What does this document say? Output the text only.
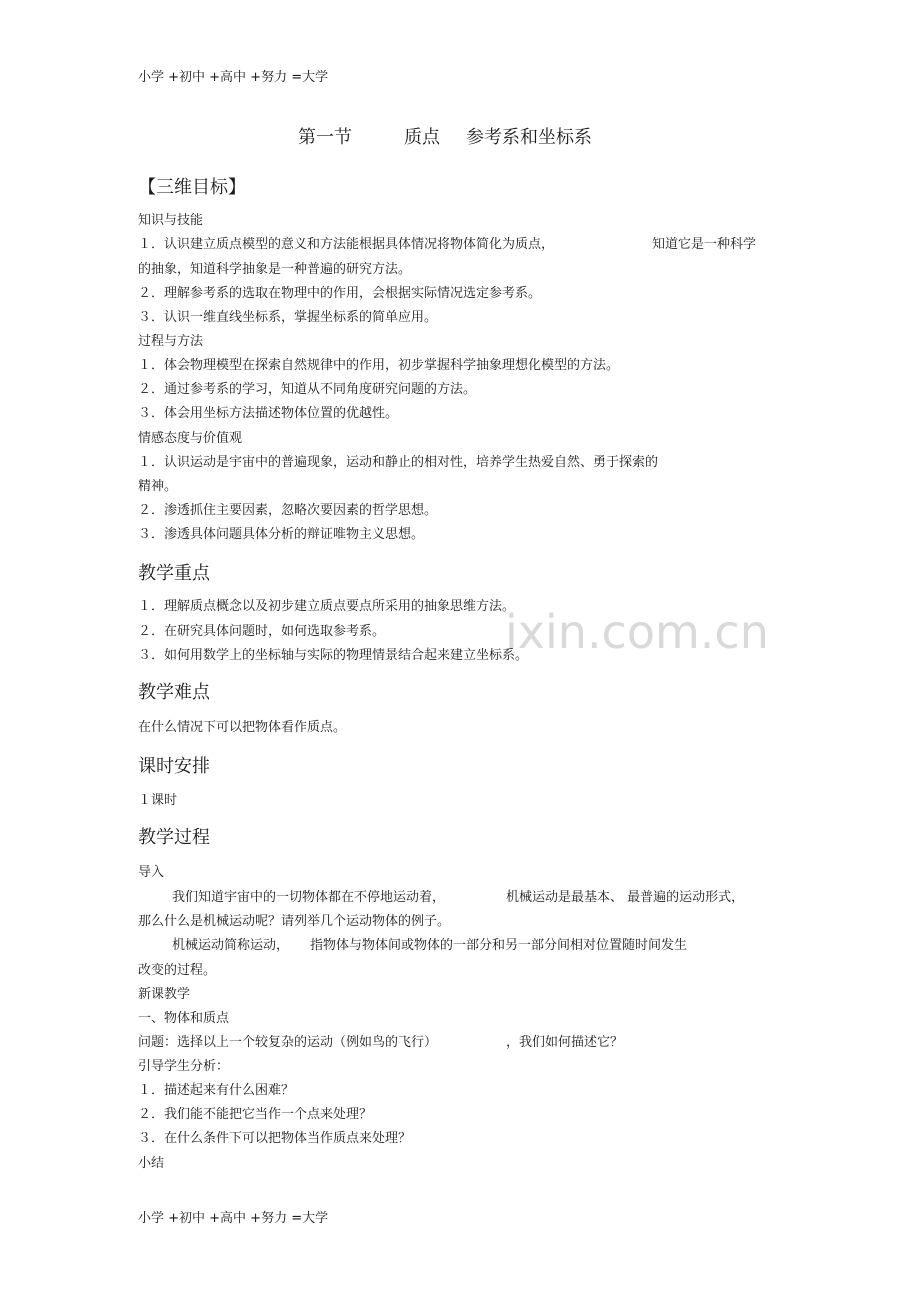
小学 +初中 +高中 +努力 =大学
第一节	质点 参考系和坐标系
【三维目标】
知识与技能
１．认识建立质点模型的意义和方法能根据具体情况将物体简化为质点，	知道它是一种科学
的抽象，知道科学抽象是一种普遍的研究方法。
２．理解参考系的选取在物理中的作用，会根据实际情况选定参考系。
３．认识一维直线坐标系，掌握坐标系的简单应用。
过程与方法
１．体会物理模型在探索自然规律中的作用，初步掌握科学抽象理想化模型的方法。
２．通过参考系的学习，知道从不同角度研究问题的方法。
３．体会用坐标方法描述物体位置的优越性。
情感态度与价值观
１．认识运动是宇宙中的普遍现象，运动和静止的相对性，培养学生热爱自然、勇于探索的
精神。
２．渗透抓住主要因素，忽略次要因素的哲学思想。
３．渗透具体问题具体分析的辩证唯物主义思想。
教学重点
１．理解质点概念以及初步建立质点要点所采用的抽象思维方法。
２．在研究具体问题时，如何选取参考系。
３．如何用数学上的坐标轴与实际的物理情景结合起来建立坐标系。
教学难点
在什么情况下可以把物体看作质点。
课时安排
１课时
教学过程
导入
我们知道宇宙中的一切物体都在不停地运动着，	机械运动是最基本、 最普遍的运动形式，
那么什么是机械运动呢？请列举几个运动物体的例子。
机械运动简称运动， 指物体与物体间或物体的一部分和另一部分间相对位置随时间发生
改变的过程。
新课教学
一、物体和质点
问题：选择以上一个较复杂的运动（例如鸟的飞行）	，我们如何描述它？
引导学生分析：
１．描述起来有什么困难？
２．我们能不能把它当作一个点来处理？
３．在什么条件下可以把物体当作质点来处理？
小结
ixin.com.cn
小学 +初中 +高中 +努力 =大学
